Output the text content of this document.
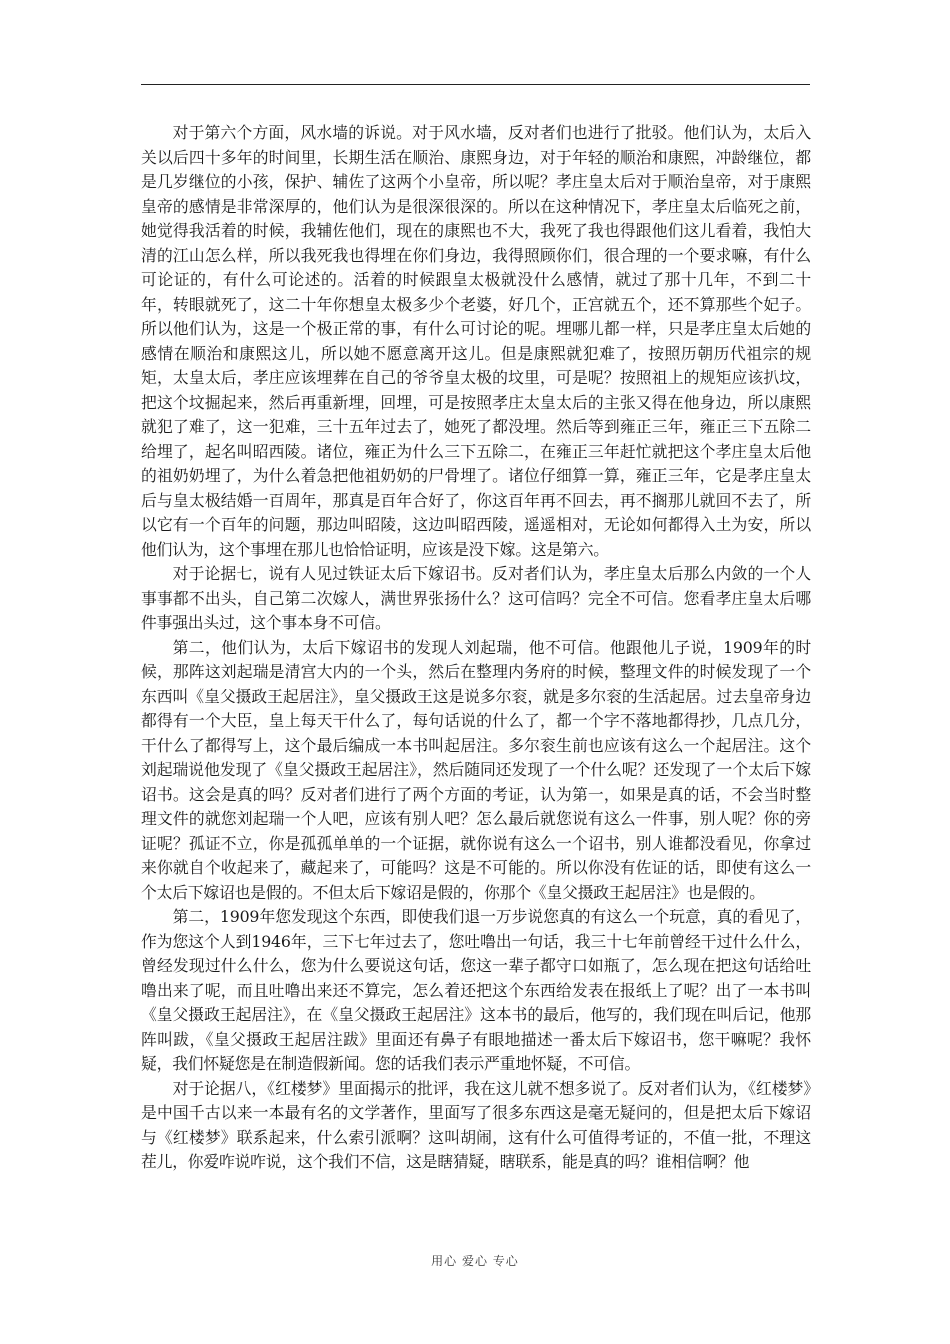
对于第六个方面，风水墙的诉说。对于风水墙，反对者们也进行了批驳。他们认为，太后入关以后四十多年的时间里，长期生活在顺治、康熙身边，对于年轻的顺治和康熙，冲龄继位，都是几岁继位的小孩，保护、辅佐了这两个小皇帝，所以呢？孝庄皇太后对于顺治皇帝，对于康熙皇帝的感情是非常深厚的，他们认为是很深很深的。所以在这种情况下，孝庄皇太后临死之前，她觉得我活着的时候，我辅佐他们，现在的康熙也不大，我死了我也得跟他们这儿看着，我怕大清的江山怎么样，所以我死我也得埋在你们身边，我得照顾你们，很合理的一个要求嘛，有什么可论证的，有什么可论述的。活着的时候跟皇太极就没什么感情，就过了那十几年，不到二十年，转眼就死了，这二十年你想皇太极多少个老婆，好几个，正宫就五个，还不算那些个妃子。所以他们认为，这是一个极正常的事，有什么可讨论的呢。埋哪儿都一样，只是孝庄皇太后她的感情在顺治和康熙这儿，所以她不愿意离开这儿。但是康熙就犯难了，按照历朝历代祖宗的规矩，太皇太后，孝庄应该埋葬在自己的爷爷皇太极的坟里，可是呢？按照祖上的规矩应该扒坟，把这个坟掘起来，然后再重新埋，回埋，可是按照孝庄太皇太后的主张又得在他身边，所以康熙就犯了难了，这一犯难，三十五年过去了，她死了都没埋。然后等到雍正三年，雍正三下五除二给埋了，起名叫昭西陵。诸位，雍正为什么三下五除二，在雍正三年赶忙就把这个孝庄皇太后他的祖奶奶埋了，为什么着急把他祖奶奶的尸骨埋了。诸位仔细算一算，雍正三年，它是孝庄皇太后与皇太极结婚一百周年，那真是百年合好了，你这百年再不回去，再不搁那儿就回不去了，所以它有一个百年的问题，那边叫昭陵，这边叫昭西陵，遥遥相对，无论如何都得入土为安，所以他们认为，这个事埋在那儿也恰恰证明，应该是没下嫁。这是第六。

对于论据七，说有人见过铁证太后下嫁诏书。反对者们认为，孝庄皇太后那么内敛的一个人事事都不出头，自己第二次嫁人，满世界张扬什么？这可信吗？完全不可信。您看孝庄皇太后哪件事强出头过，这个事本身不可信。

第二，他们认为，太后下嫁诏书的发现人刘起瑞，他不可信。他跟他儿子说，1909年的时候，那阵这刘起瑞是清宫大内的一个头，然后在整理内务府的时候，整理文件的时候发现了一个东西叫《皇父摄政王起居注》，皇父摄政王这是说多尔衮，就是多尔衮的生活起居。过去皇帝身边都得有一个大臣，皇上每天干什么了，每句话说的什么了，都一个字不落地都得抄，几点几分，干什么了都得写上，这个最后编成一本书叫起居注。多尔衮生前也应该有这么一个起居注。这个刘起瑞说他发现了《皇父摄政王起居注》，然后随同还发现了一个什么呢？还发现了一个太后下嫁诏书。这会是真的吗？反对者们进行了两个方面的考证，认为第一，如果是真的话，不会当时整理文件的就您刘起瑞一个人吧，应该有别人吧？怎么最后就您说有这么一件事，别人呢？你的旁证呢？孤证不立，你是孤孤单单的一个证据，就你说有这么一个诏书，别人谁都没看见，你拿过来你就自个收起来了，藏起来了，可能吗？这是不可能的。所以你没有佐证的话，即使有这么一个太后下嫁诏也是假的。不但太后下嫁诏是假的，你那个《皇父摄政王起居注》也是假的。

第二，1909年您发现这个东西，即使我们退一万步说您真的有这么一个玩意，真的看见了，作为您这个人到1946年，三下七年过去了，您吐噜出一句话，我三十七年前曾经干过什么什么，曾经发现过什么什么，您为什么要说这句话，您这一辈子都守口如瓶了，怎么现在把这句话给吐噜出来了呢，而且吐噜出来还不算完，怎么着还把这个东西给发表在报纸上了呢？出了一本书叫《皇父摄政王起居注》，在《皇父摄政王起居注》这本书的最后，他写的，我们现在叫后记，他那阵叫跋，《皇父摄政王起居注跋》里面还有鼻子有眼地描述一番太后下嫁诏书，您干嘛呢？我怀疑，我们怀疑您是在制造假新闻。您的话我们表示严重地怀疑，不可信。

对于论据八，《红楼梦》里面揭示的批评，我在这儿就不想多说了。反对者们认为，《红楼梦》是中国千古以来一本最有名的文学著作，里面写了很多东西这是毫无疑问的，但是把太后下嫁诏与《红楼梦》联系起来，什么索引派啊？这叫胡闹，这有什么可值得考证的，不值一批，不理这茬儿，你爱咋说咋说，这个我们不信，这是瞎猜疑，瞎联系，能是真的吗？谁相信啊？他

用心 爱心 专心
